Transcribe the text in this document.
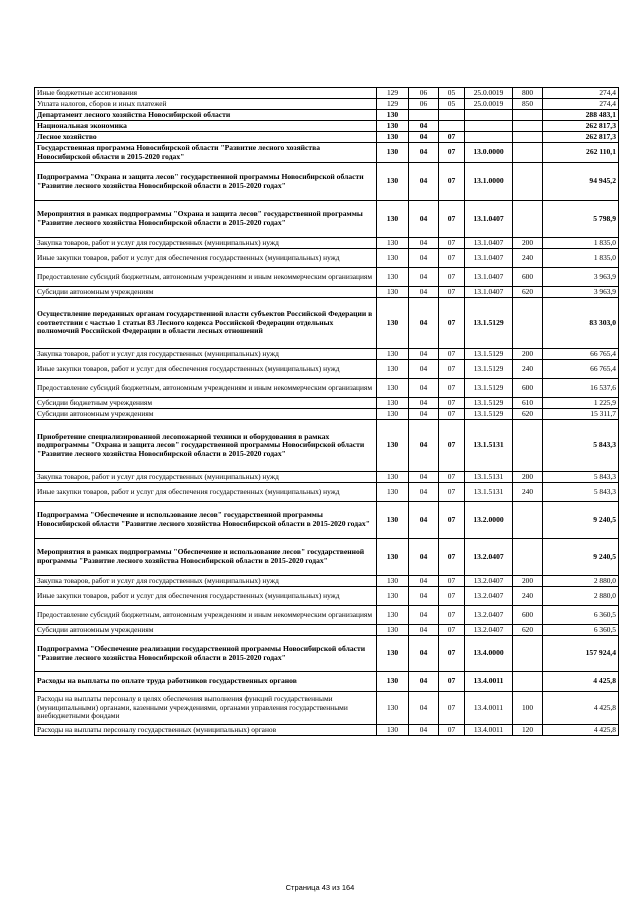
Иные бюджетные ассигнования	129	06	05	25.0.0019	800	274,4
Уплата налогов, сборов и иных платежей	129	06	05	25.0.0019	850	274,4
Департамент лесного хозяйства Новосибирской области	130					288 483,1
Национальная экономика	130	04				262 817,3
Лесное хозяйство	130	04	07			262 817,3
Государственная программа Новосибирской области "Развитие лесного хозяйства Новосибирской области в 2015-2020 годах"	130	04	07	13.0.0000		262 110,1
Подпрограмма "Охрана и защита лесов" государственной программы Новосибирской области "Развитие лесного хозяйства Новосибирской области в 2015-2020 годах"	130	04	07	13.1.0000		94 945,2
Мероприятия в рамках подпрограммы "Охрана и защита лесов" государственной программы "Развитие лесного хозяйства Новосибирской области в 2015-2020 годах"	130	04	07	13.1.0407		5 798,9
Закупка товаров, работ и услуг для государственных (муниципальных) нужд	130	04	07	13.1.0407	200	1 835,0
Иные закупки товаров, работ и услуг для обеспечения государственных (муниципальных) нужд	130	04	07	13.1.0407	240	1 835,0
Предоставление субсидий бюджетным, автономным учреждениям и иным некоммерческим организациям	130	04	07	13.1.0407	600	3 963,9
Субсидии автономным учреждениям	130	04	07	13.1.0407	620	3 963,9
Осуществление переданных органам государственной власти субъектов Российской Федерации в соответствии с частью 1 статьи 83 Лесного кодекса Российской Федерации отдельных полномочий Российской Федерации в области лесных отношений	130	04	07	13.1.5129		83 303,0
Закупка товаров, работ и услуг для государственных (муниципальных) нужд	130	04	07	13.1.5129	200	66 765,4
Иные закупки товаров, работ и услуг для обеспечения государственных (муниципальных) нужд	130	04	07	13.1.5129	240	66 765,4
Предоставление субсидий бюджетным, автономным учреждениям и иным некоммерческим организациям	130	04	07	13.1.5129	600	16 537,6
Субсидии бюджетным учреждениям	130	04	07	13.1.5129	610	1 225,9
Субсидии автономным учреждениям	130	04	07	13.1.5129	620	15 311,7
Приобретение специализированной лесопожарной техники и оборудования в рамках подпрограммы "Охрана и защита лесов" государственной программы Новосибирской области "Развитие лесного хозяйства Новосибирской области в 2015-2020 годах"	130	04	07	13.1.5131		5 843,3
Закупка товаров, работ и услуг для государственных (муниципальных) нужд	130	04	07	13.1.5131	200	5 843,3
Иные закупки товаров, работ и услуг для обеспечения государственных (муниципальных) нужд	130	04	07	13.1.5131	240	5 843,3
Подпрограмма "Обеспечение и использование лесов" государственной программы Новосибирской области "Развитие лесного хозяйства Новосибирской области в 2015-2020 годах"	130	04	07	13.2.0000		9 240,5
Мероприятия в рамках подпрограммы "Обеспечение и использование лесов" государственной программы "Развитие лесного хозяйства Новосибирской области в 2015-2020 годах"	130	04	07	13.2.0407		9 240,5
Закупка товаров, работ и услуг для государственных (муниципальных) нужд	130	04	07	13.2.0407	200	2 880,0
Иные закупки товаров, работ и услуг для обеспечения государственных (муниципальных) нужд	130	04	07	13.2.0407	240	2 880,0
Предоставление субсидий бюджетным, автономным учреждениям и иным некоммерческим организациям	130	04	07	13.2.0407	600	6 360,5
Субсидии автономным учреждениям	130	04	07	13.2.0407	620	6 360,5
Подпрограмма "Обеспечение реализации государственной программы Новосибирской области "Развитие лесного хозяйства Новосибирской области в 2015-2020 годах"	130	04	07	13.4.0000		157 924,4
Расходы на выплаты по оплате труда работников государственных органов	130	04	07	13.4.0011		4 425,8
Расходы на выплаты персоналу в целях обеспечения выполнения функций государственными (муниципальными) органами, казенными учреждениями, органами управления государственными внебюджетными фондами	130	04	07	13.4.0011	100	4 425,8
Расходы на выплаты персоналу государственных (муниципальных) органов	130	04	07	13.4.0011	120	4 425,8
Страница 43 из 164
